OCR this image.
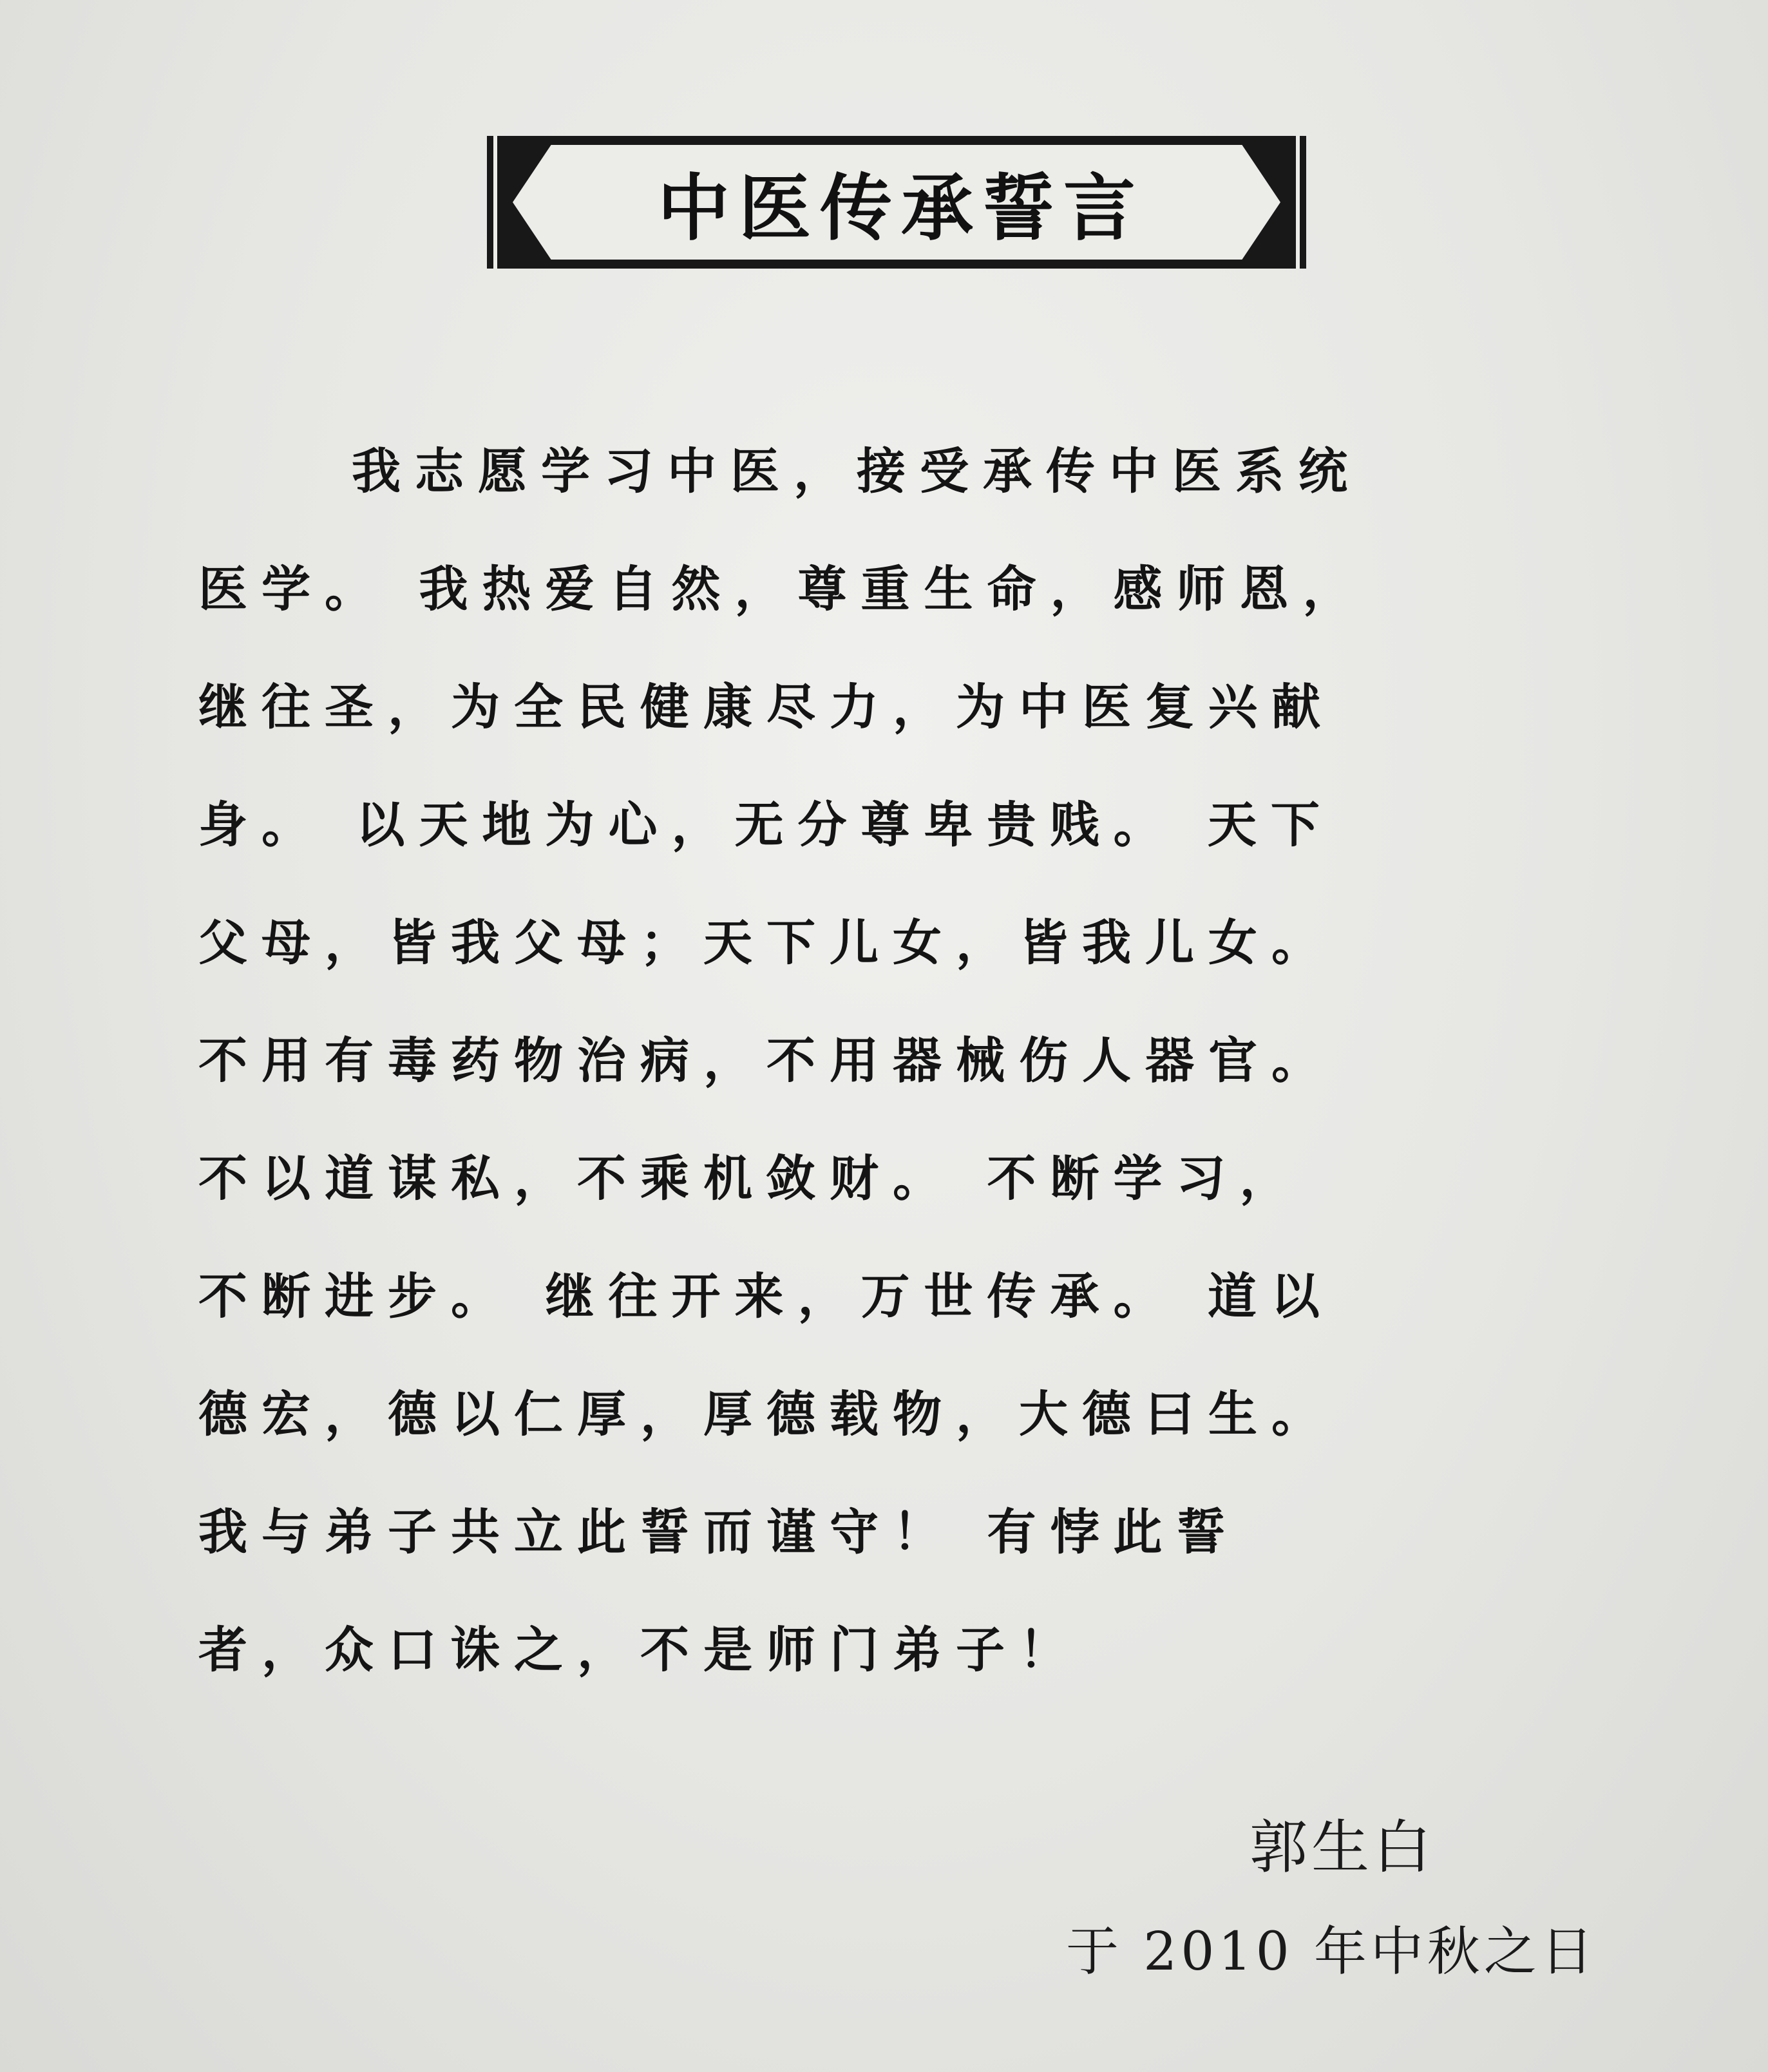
中医传承誓言
我志愿学习中医，接受承传中医系统
医学。 我热爱自然，尊重生命，感师恩，
继往圣，为全民健康尽力，为中医复兴献
身。 以天地为心，无分尊卑贵贱。 天下
父母，皆我父母；天下儿女，皆我儿女。
不用有毒药物治病，不用器械伤人器官。
不以道谋私，不乘机敛财。 不断学习，
不断进步。 继往开来，万世传承。 道以
德宏，德以仁厚，厚德载物，大德曰生。
我与弟子共立此誓而谨守！ 有悖此誓
者，众口诛之，不是师门弟子！
郭生白
于 2010 年中秋之日
